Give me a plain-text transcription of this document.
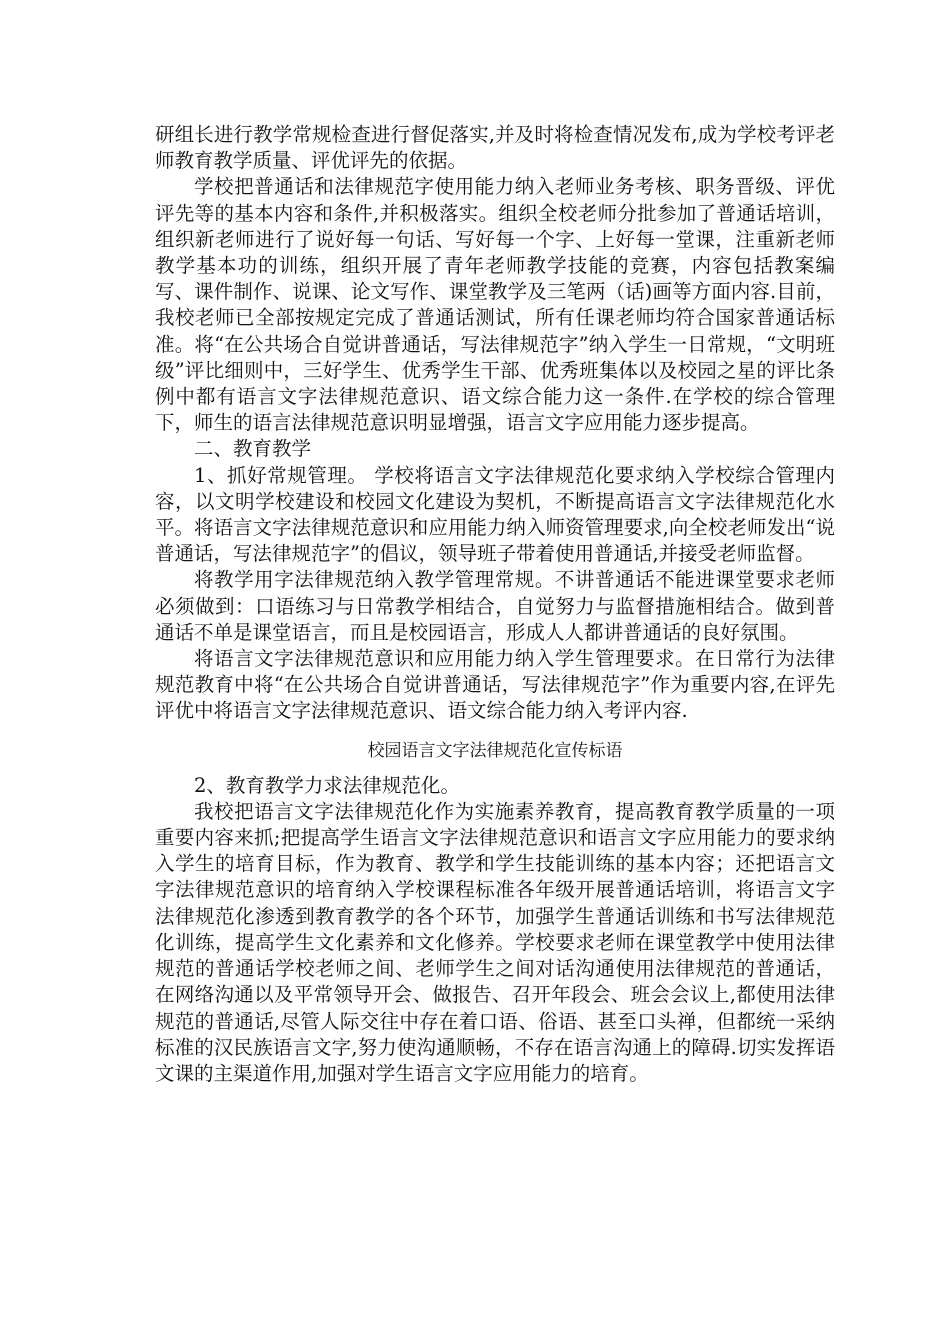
研组长进行教学常规检查进行督促落实,并及时将检查情况发布,成为学校考评老师教育教学质量、评优评先的依据。

学校把普通话和法律规范字使用能力纳入老师业务考核、职务晋级、评优评先等的基本内容和条件,并积极落实。组织全校老师分批参加了普通话培训，组织新老师进行了说好每一句话、写好每一个字、上好每一堂课，注重新老师教学基本功的训练，组织开展了青年老师教学技能的竞赛，内容包括教案编写、课件制作、说课、论文写作、课堂教学及三笔两（话)画等方面内容.目前，我校老师已全部按规定完成了普通话测试，所有任课老师均符合国家普通话标准。将“在公共场合自觉讲普通话，写法律规范字”纳入学生一日常规，“文明班级”评比细则中，三好学生、优秀学生干部、优秀班集体以及校园之星的评比条例中都有语言文字法律规范意识、语文综合能力这一条件.在学校的综合管理下，师生的语言法律规范意识明显增强，语言文字应用能力逐步提高。

二、教育教学

1、抓好常规管理。 学校将语言文字法律规范化要求纳入学校综合管理内容，以文明学校建设和校园文化建设为契机，不断提高语言文字法律规范化水平。将语言文字法律规范意识和应用能力纳入师资管理要求,向全校老师发出“说普通话，写法律规范字”的倡议，领导班子带着使用普通话,并接受老师监督。

将教学用字法律规范纳入教学管理常规。不讲普通话不能进课堂要求老师必须做到：口语练习与日常教学相结合，自觉努力与监督措施相结合。做到普通话不单是课堂语言，而且是校园语言，形成人人都讲普通话的良好氛围。

将语言文字法律规范意识和应用能力纳入学生管理要求。在日常行为法律规范教育中将“在公共场合自觉讲普通话，写法律规范字”作为重要内容,在评先评优中将语言文字法律规范意识、语文综合能力纳入考评内容.

校园语言文字法律规范化宣传标语

2、教育教学力求法律规范化。

我校把语言文字法律规范化作为实施素养教育，提高教育教学质量的一项重要内容来抓;把提高学生语言文字法律规范意识和语言文字应用能力的要求纳入学生的培育目标，作为教育、教学和学生技能训练的基本内容；还把语言文字法律规范意识的培育纳入学校课程标准各年级开展普通话培训，将语言文字法律规范化渗透到教育教学的各个环节，加强学生普通话训练和书写法律规范化训练，提高学生文化素养和文化修养。学校要求老师在课堂教学中使用法律规范的普通话学校老师之间、老师学生之间对话沟通使用法律规范的普通话，在网络沟通以及平常领导开会、做报告、召开年段会、班会会议上,都使用法律规范的普通话,尽管人际交往中存在着口语、俗语、甚至口头禅，但都统一采纳标准的汉民族语言文字,努力使沟通顺畅，不存在语言沟通上的障碍.切实发挥语文课的主渠道作用,加强对学生语言文字应用能力的培育。
